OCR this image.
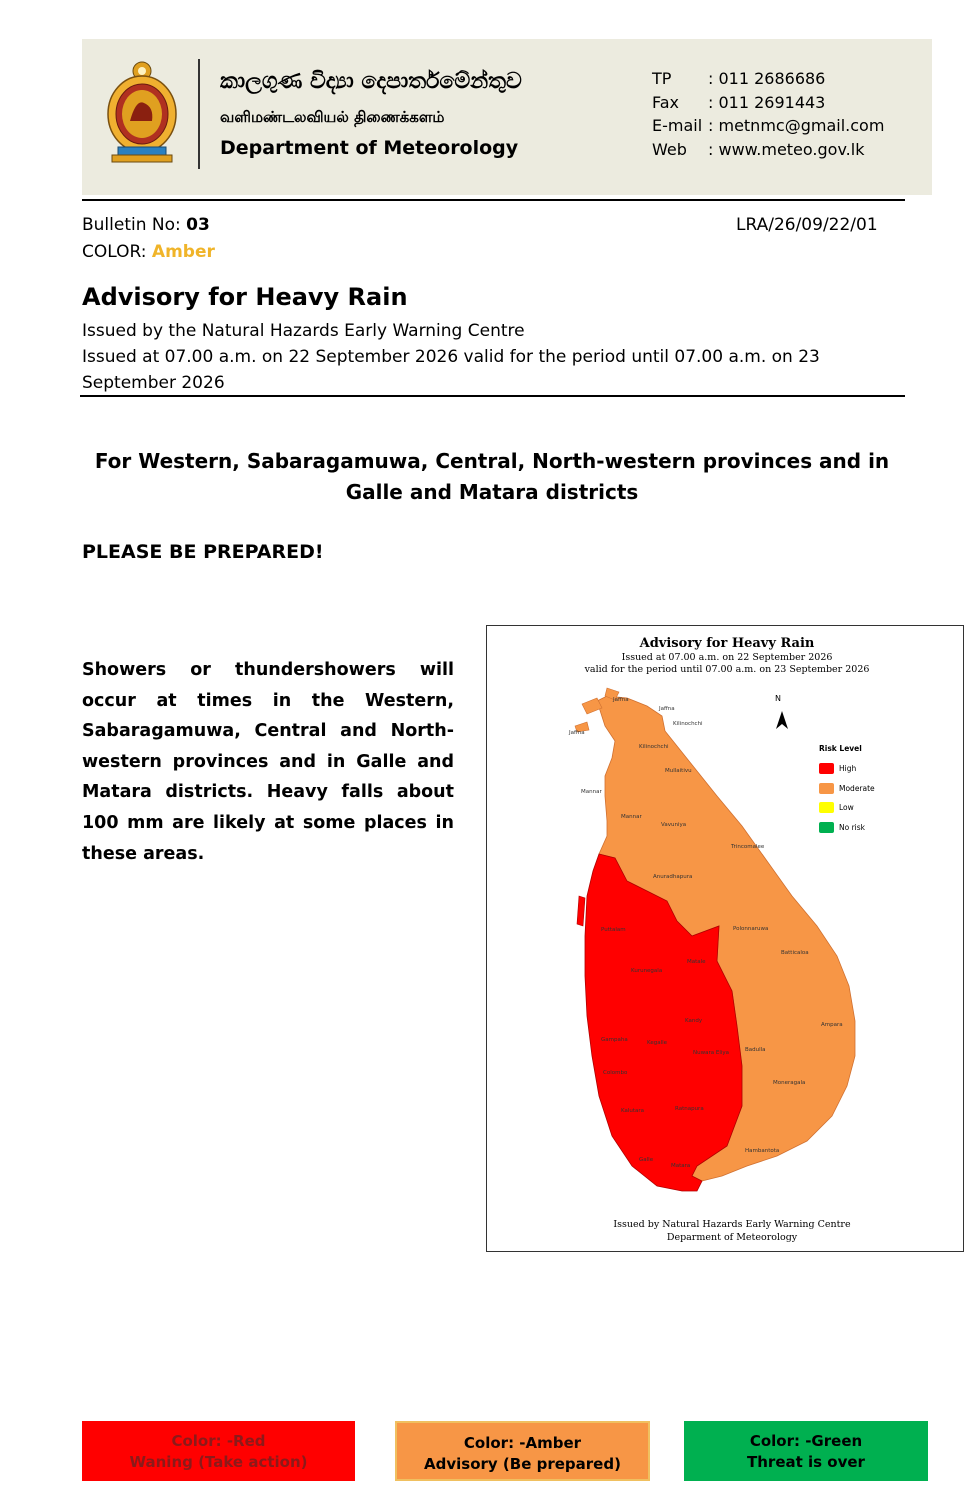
කාලගුණ විද්‍යා දෙපාර්තමේන්තුව
வளிமண்டலவியல் திணைக்களம்
Department of Meteorology
TP	: 011 2686686
Fax	: 011 2691443
E-mail : metnmc@gmail.com
Web	: www.meteo.gov.lk
Bulletin No: 03
COLOR: Amber
LRA/26/09/22/01
Advisory for Heavy Rain
Issued by the Natural Hazards Early Warning Centre
Issued at 07.00 a.m. on 22 September 2026 valid for the period until 07.00 a.m. on 23 September 2026
For Western, Sabaragamuwa, Central, North-western provinces and in Galle and Matara districts
PLEASE BE PREPARED!
Showers or thundershowers will occur at times in the Western, Sabaragamuwa, Central and North-western provinces and in Galle and Matara districts. Heavy falls about 100 mm are likely at some places in these areas.
Advisory for Heavy Rain
Issued at 07.00 a.m. on 22 September 2026
valid for the period until 07.00 a.m. on 23 September 2026
Jaffna
Jaffna
Kilinochchi
Jaffna
Kilinochchi
Mullaitivu
Mannar
Mannar
Vavuniya
Trincomalee
Anuradhapura
Puttalam	Polonnaruwa
Batticaloa
Matale
Kurunegala
Kandy
Ampara
Gampaha	Kegalle
Nuwara Eliya	Badulla
Colombo
Moneragala
Kalutara	Ratnapura
Hambantota
Galle
Matara
N
Risk Level
High
Moderate
Low
No risk
Issued by Natural Hazards Early Warning Centre
Deparment of Meteorology
Color: -Red
Waning (Take action)
Color: -Amber
Advisory (Be prepared)
Color: -Green
Threat is over
